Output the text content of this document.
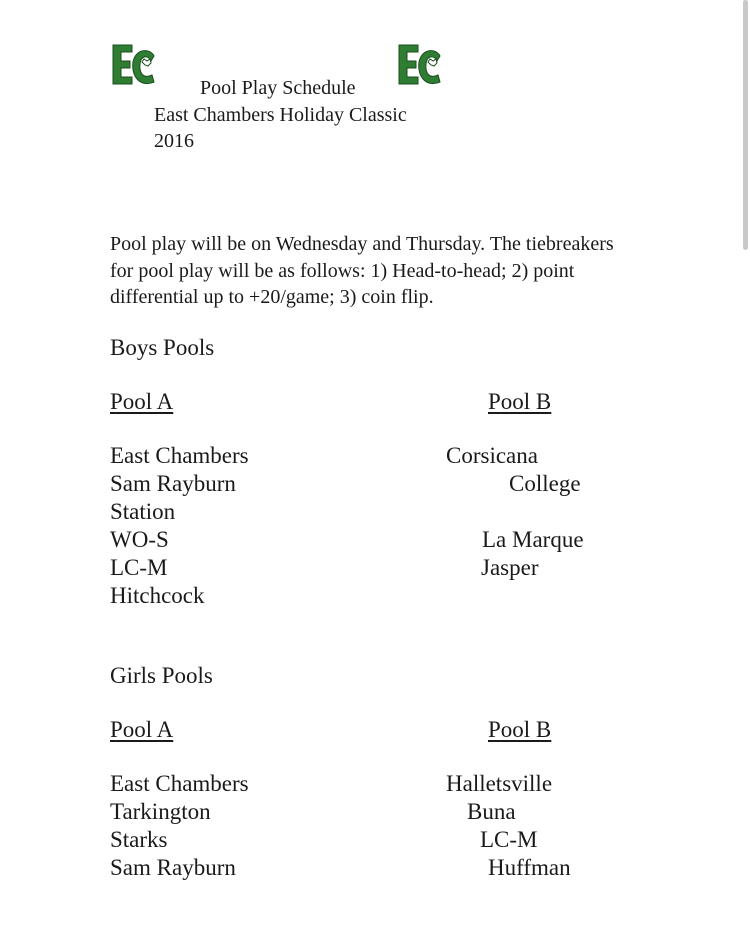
Pool Play Schedule
East Chambers Holiday Classic
2016
Pool play will be on Wednesday and Thursday. The tiebreakers for pool play will be as follows: 1) Head-to-head; 2) point differential up to +20/game; 3) coin flip.
Boys Pools
Pool A	Pool B
East Chambers
Sam Rayburn
Station
WO-S
LC-M
Hitchcock
Corsicana
College
La Marque
Jasper
Girls Pools
Pool A	Pool B
East Chambers
Tarkington
Starks
Sam Rayburn
Halletsville
Buna
LC-M
Huffman
